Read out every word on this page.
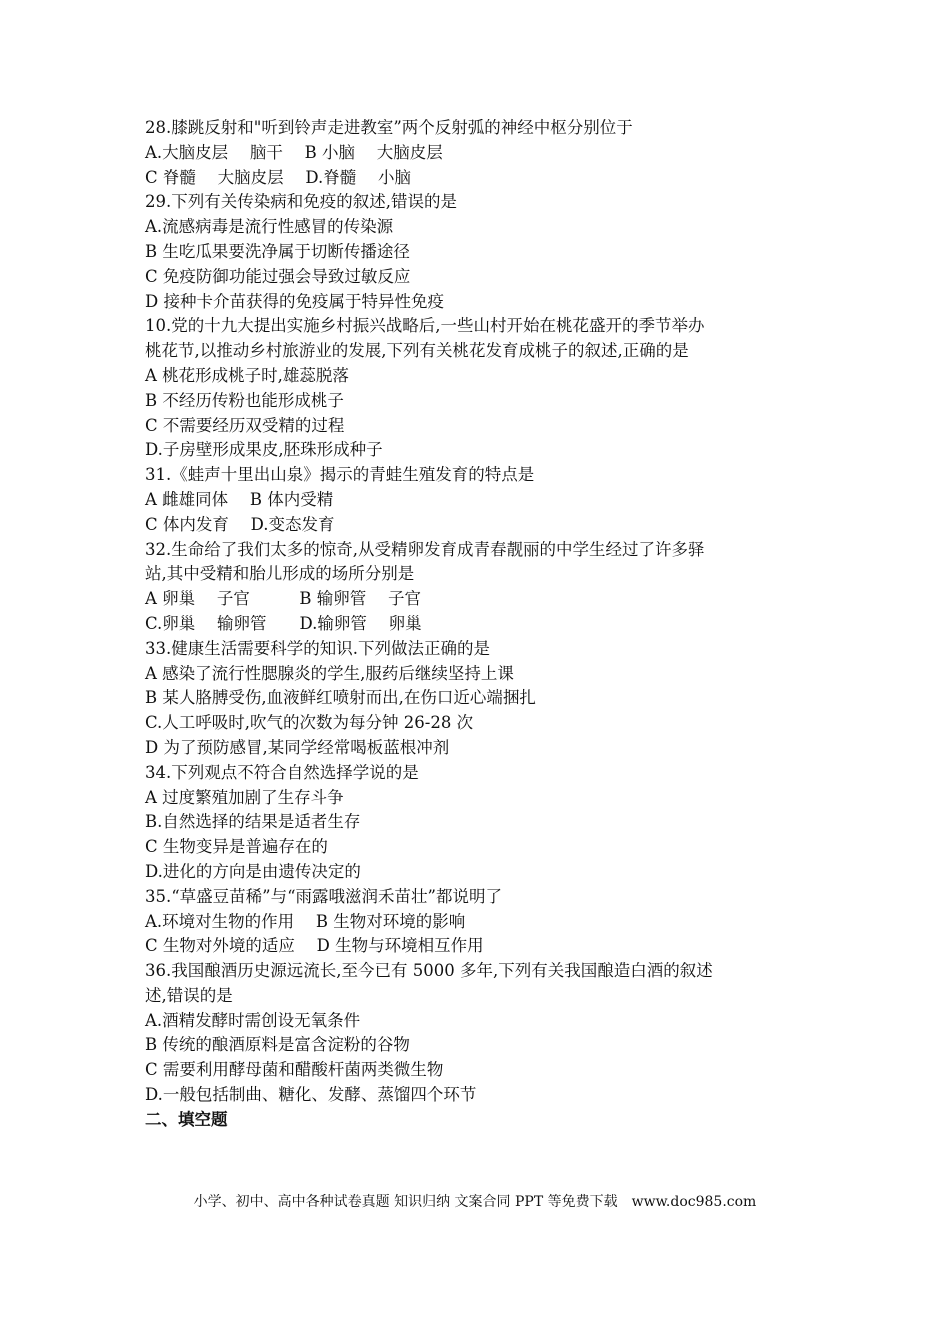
28.膝跳反射和"听到铃声走进教室”两个反射弧的神经中枢分别位于
A.大脑皮层　 脑干　 B 小脑　 大脑皮层
C 脊髓　 大脑皮层　 D.脊髓　 小脑
29.下列有关传染病和免疫的叙述,错误的是
A.流感病毒是流行性感冒的传染源
B 生吃瓜果要洗净属于切断传播途径
C 免疫防御功能过强会导致过敏反应
D 接种卡介苗获得的免疫属于特异性免疫
10.党的十九大提出实施乡村振兴战略后,一些山村开始在桃花盛开的季节举办
桃花节,以推动乡村旅游业的发展,下列有关桃花发育成桃子的叙述,正确的是
A 桃花形成桃子时,雄蕊脱落
B 不经历传粉也能形成桃子
C 不需要经历双受精的过程
D.子房壁形成果皮,胚珠形成种子
31.《蛙声十里出山泉》揭示的青蛙生殖发育的特点是
A 雌雄同体　 B 体内受精
C 体内发育　 D.变态发育
32.生命给了我们太多的惊奇,从受精卵发育成青春靓丽的中学生经过了许多驿
站,其中受精和胎儿形成的场所分别是
A 卵巢　 子官　　　B 输卵管　 子官
C.卵巢　 输卵管　　D.输卵管　 卵巢
33.健康生活需要科学的知识.下列做法正确的是
A 感染了流行性腮腺炎的学生,服药后继续坚持上课
B 某人胳膊受伤,血液鲜红喷射而出,在伤口近心端捆扎
C.人工呼吸时,吹气的次数为每分钟 26-28 次
D 为了预防感冒,某同学经常喝板蓝根冲剂
34.下列观点不符合自然选择学说的是
A 过度繁殖加剧了生存斗争
B.自然选择的结果是适者生存
C 生物变异是普遍存在的
D.进化的方向是由遗传决定的
35.“草盛豆苗稀”与“雨露哦滋润禾苗壮”都说明了
A.环境对生物的作用　 B 生物对环境的影响
C 生物对外境的适应　 D 生物与环境相互作用
36.我国酿酒历史源远流长,至今已有 5000 多年,下列有关我国酿造白酒的叙述
述,错误的是
A.酒精发酵时需创设无氧条件
B 传统的酿酒原料是富含淀粉的谷物
C 需要利用酵母菌和醋酸杆菌两类微生物
D.一般包括制曲、糖化、发酵、蒸馏四个环节
二、填空题
小学、初中、高中各种试卷真题 知识归纳 文案合同 PPT 等免费下载　www.doc985.com
